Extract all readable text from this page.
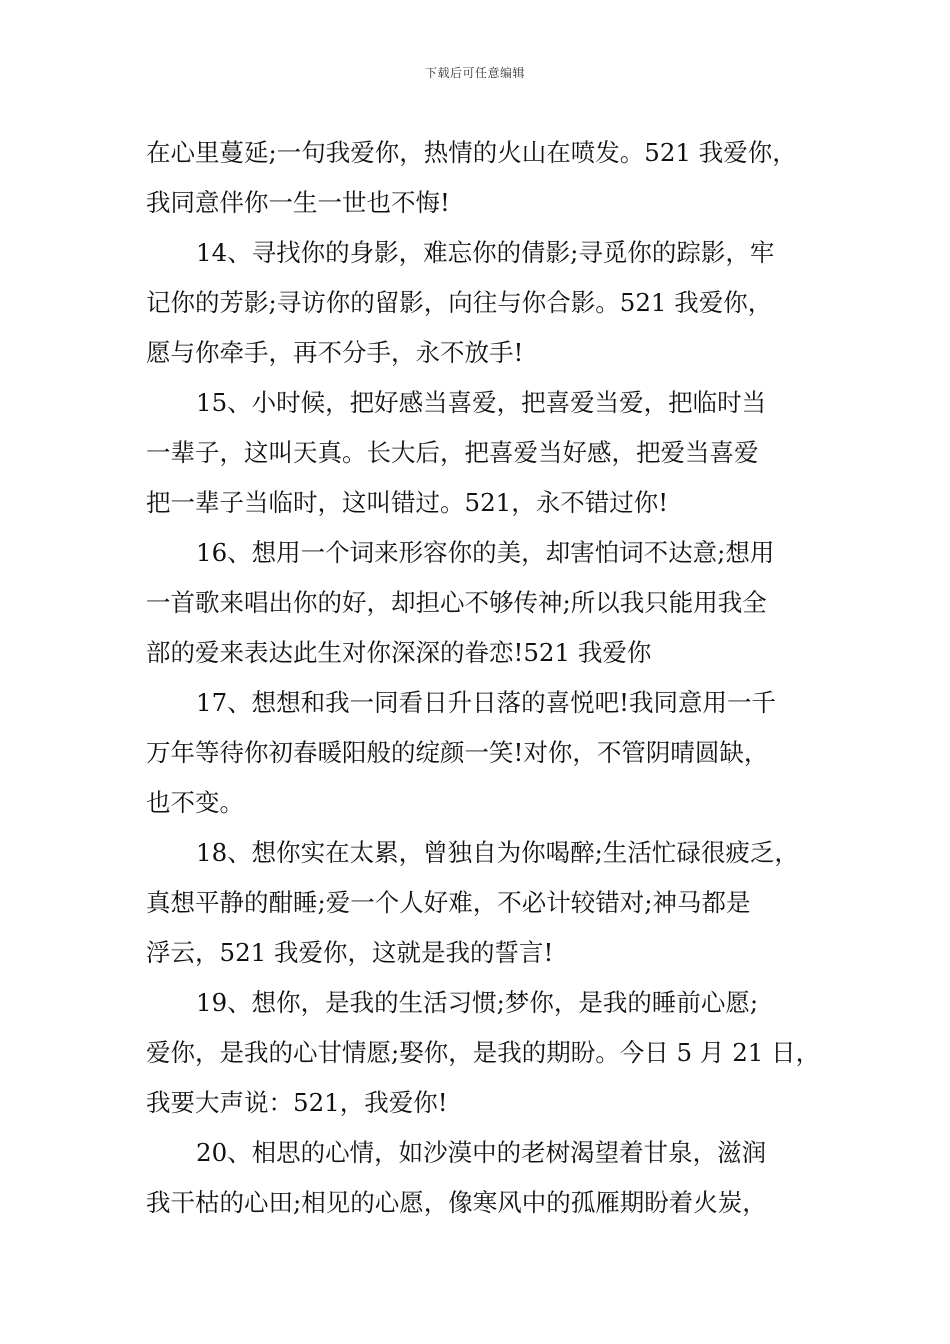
下载后可任意编辑
在心里蔓延;一句我爱你，热情的火山在喷发。521 我爱你，
我同意伴你一生一世也不悔!
14、寻找你的身影，难忘你的倩影;寻觅你的踪影，牢
记你的芳影;寻访你的留影，向往与你合影。521 我爱你，
愿与你牵手，再不分手，永不放手!
15、小时候，把好感当喜爱，把喜爱当爱，把临时当
一辈子，这叫天真。长大后，把喜爱当好感，把爱当喜爱
把一辈子当临时，这叫错过。521，永不错过你!
16、想用一个词来形容你的美，却害怕词不达意;想用
一首歌来唱出你的好，却担心不够传神;所以我只能用我全
部的爱来表达此生对你深深的眷恋!521 我爱你
17、想想和我一同看日升日落的喜悦吧!我同意用一千
万年等待你初春暖阳般的绽颜一笑!对你，不管阴晴圆缺，
也不变。
18、想你实在太累，曾独自为你喝醉;生活忙碌很疲乏，
真想平静的酣睡;爱一个人好难，不必计较错对;神马都是
浮云，521 我爱你，这就是我的誓言!
19、想你，是我的生活习惯;梦你，是我的睡前心愿;
爱你，是我的心甘情愿;娶你，是我的期盼。今日 5 月 21 日，
我要大声说：521，我爱你!
20、相思的心情，如沙漠中的老树渴望着甘泉，滋润
我干枯的心田;相见的心愿，像寒风中的孤雁期盼着火炭，
